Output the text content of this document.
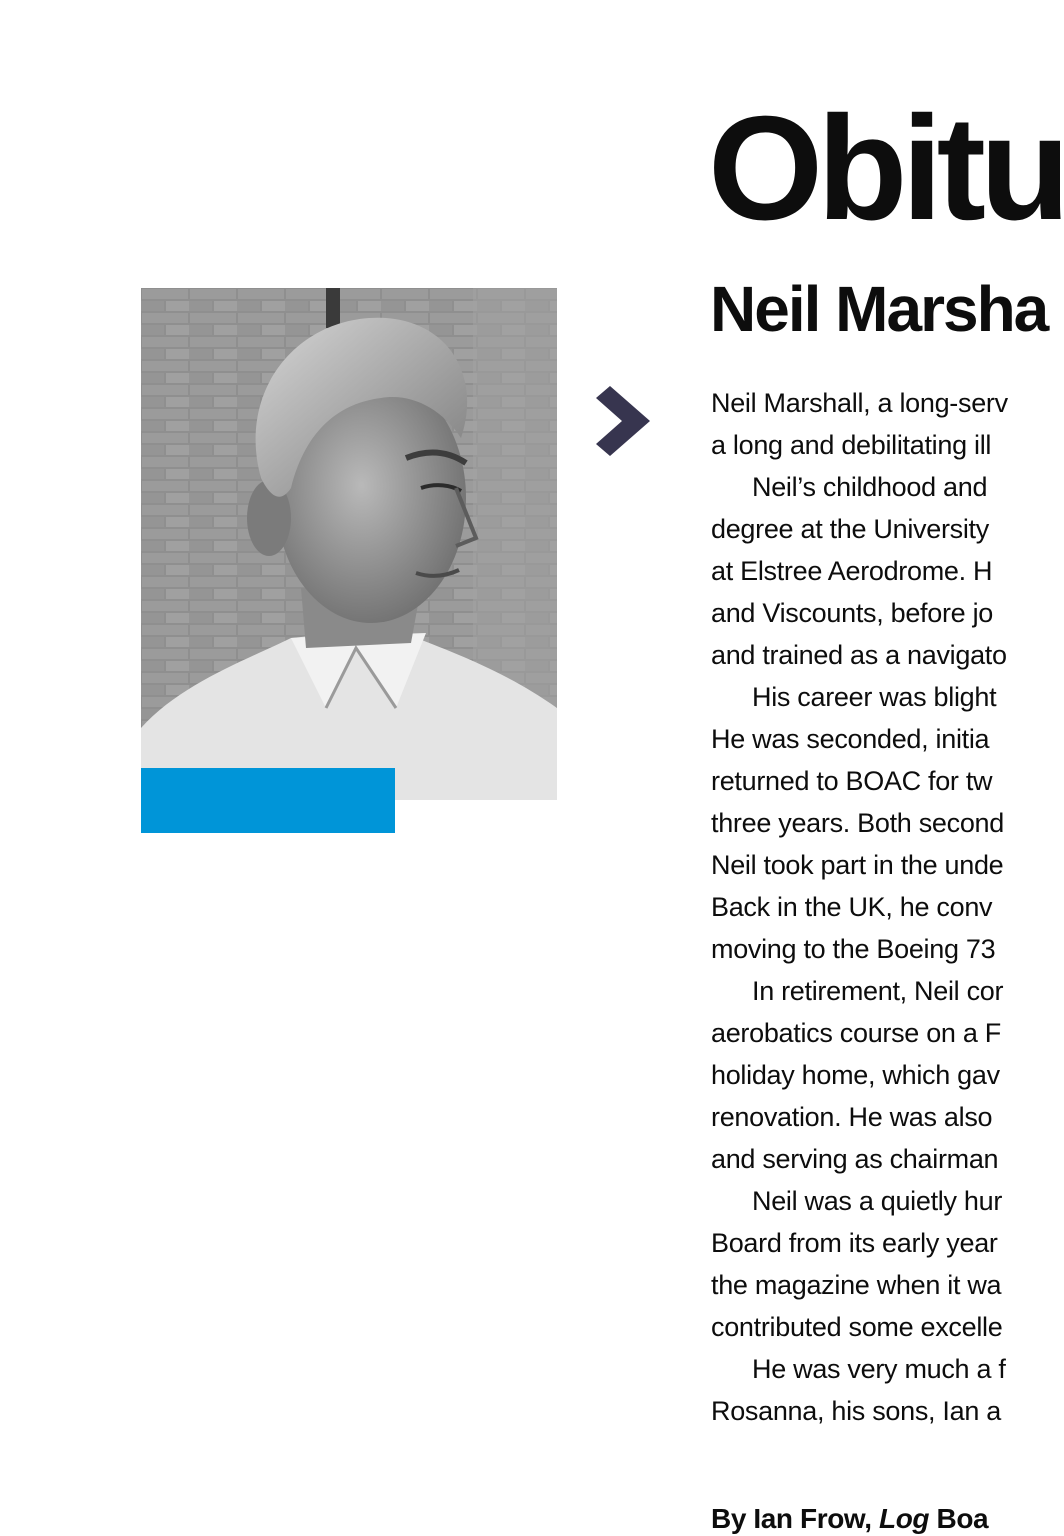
Obitu
Neil Marsha
Neil Marshall, a long-serv
a long and debilitating ill
Neil’s childhood and
degree at the University
at Elstree Aerodrome. H
and Viscounts, before jo
and trained as a navigato
His career was blight
He was seconded, initia
returned to BOAC for tw
three years. Both second
Neil took part in the unde
Back in the UK, he conv
moving to the Boeing 73
In retirement, Neil cor
aerobatics course on a F
holiday home, which gav
renovation. He was also
and serving as chairman
Neil was a quietly hur
Board from its early year
the magazine when it wa
contributed some excelle
He was very much a f
Rosanna, his sons, Ian a
By Ian Frow, Log Boa
